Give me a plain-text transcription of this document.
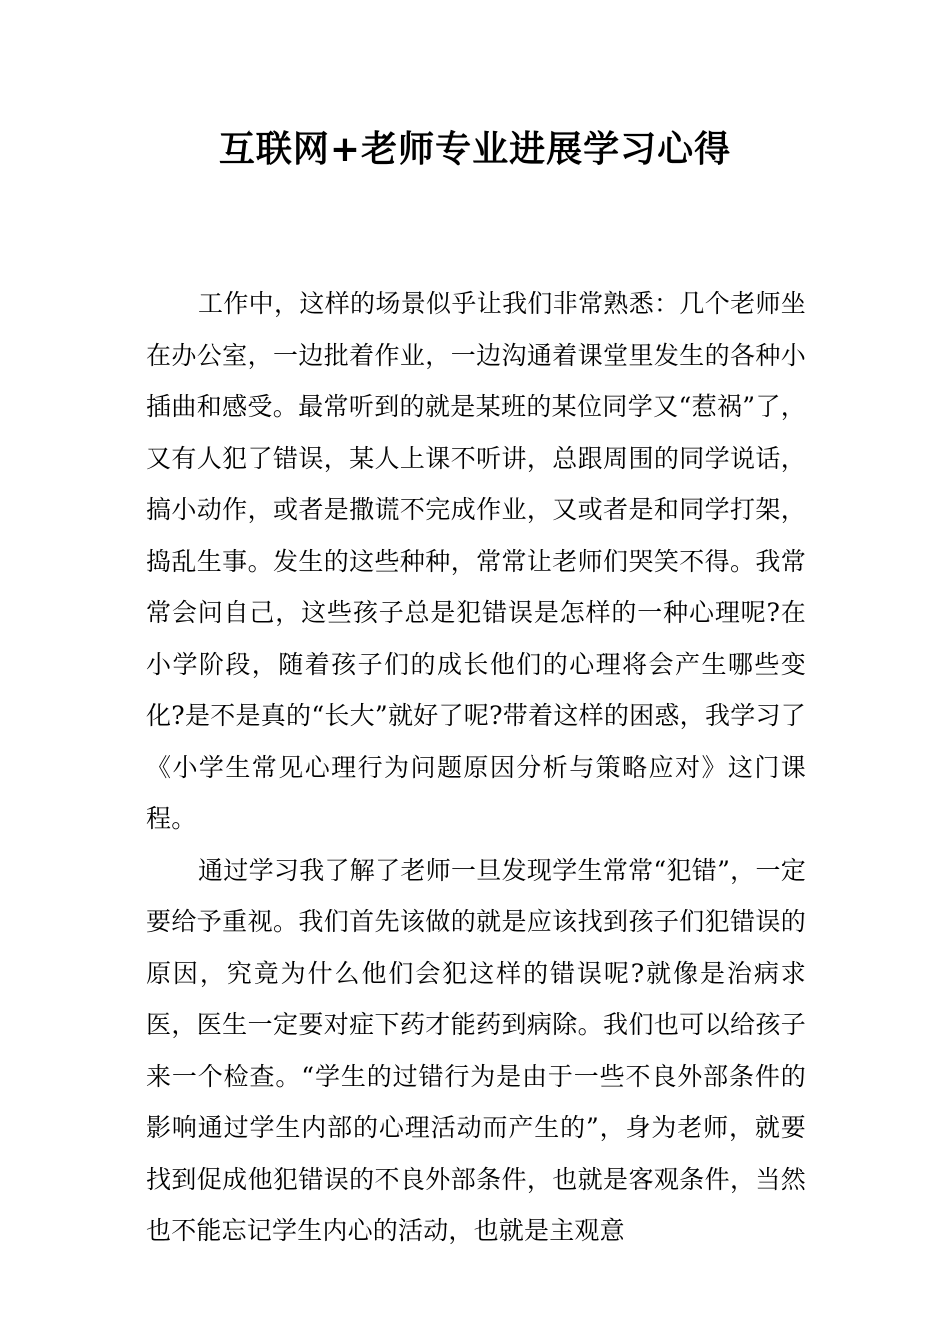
互联网+老师专业进展学习心得

工作中，这样的场景似乎让我们非常熟悉：几个老师坐在办公室，一边批着作业，一边沟通着课堂里发生的各种小插曲和感受。最常听到的就是某班的某位同学又“惹祸”了，又有人犯了错误，某人上课不听讲，总跟周围的同学说话，搞小动作，或者是撒谎不完成作业，又或者是和同学打架，捣乱生事。发生的这些种种，常常让老师们哭笑不得。我常常会问自己，这些孩子总是犯错误是怎样的一种心理呢?在小学阶段，随着孩子们的成长他们的心理将会产生哪些变化?是不是真的“长大”就好了呢?带着这样的困惑，我学习了《小学生常见心理行为问题原因分析与策略应对》这门课程。

通过学习我了解了老师一旦发现学生常常“犯错”，一定要给予重视。我们首先该做的就是应该找到孩子们犯错误的原因，究竟为什么他们会犯这样的错误呢?就像是治病求医，医生一定要对症下药才能药到病除。我们也可以给孩子来一个检查。“学生的过错行为是由于一些不良外部条件的影响通过学生内部的心理活动而产生的”，身为老师，就要找到促成他犯错误的不良外部条件，也就是客观条件，当然也不能忘记学生内心的活动，也就是主观意
